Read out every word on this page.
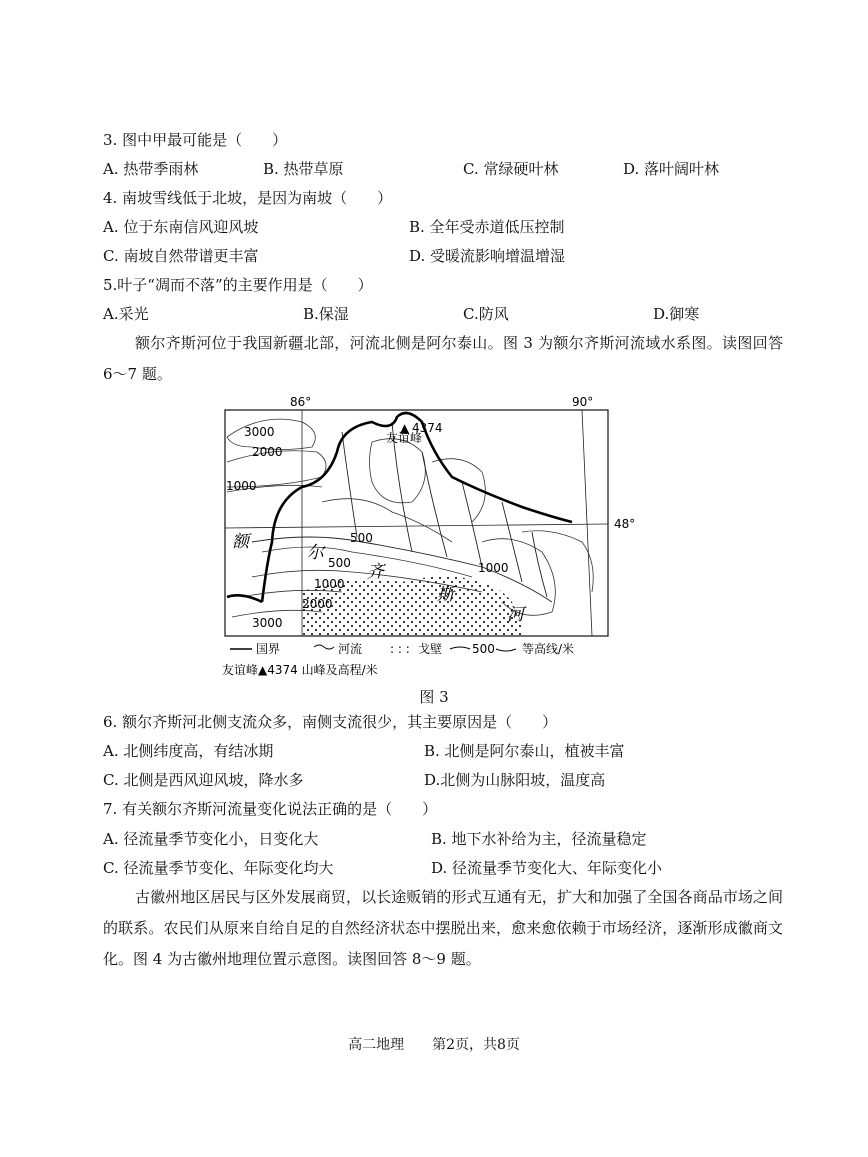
3. 图中甲最可能是（　　）
A. 热带季雨林	B. 热带草原	C. 常绿硬叶林	D. 落叶阔叶林
4. 南坡雪线低于北坡，是因为南坡（　　）
A. 位于东南信风迎风坡	B. 全年受赤道低压控制
C. 南坡自然带谱更丰富	D. 受暖流影响增温增湿
5.叶子“凋而不落”的主要作用是（　　）
A.采光	B.保湿	C.防风	D.御寒
额尔齐斯河位于我国新疆北部，河流北侧是阿尔泰山。图 3 为额尔齐斯河流域水系图。读图回答 6～7 题。
86°	90°
48°
友谊峰
▲ 4374
3000
2000
1000
500
500
1000
2000
3000
1000
额
尔
齐
斯
河
国界	河流 : : : 戈壁 500 等高线/米
友谊峰▲4374 山峰及高程/米
图 3
6. 额尔齐斯河北侧支流众多，南侧支流很少，其主要原因是（　　）
A. 北侧纬度高，有结冰期	B. 北侧是阿尔泰山，植被丰富
C. 北侧是西风迎风坡，降水多	D.北侧为山脉阳坡，温度高
7. 有关额尔齐斯河流量变化说法正确的是（　　）
A. 径流量季节变化小，日变化大	B. 地下水补给为主，径流量稳定
C. 径流量季节变化、年际变化均大	D. 径流量季节变化大、年际变化小
古徽州地区居民与区外发展商贸，以长途贩销的形式互通有无，扩大和加强了全国各商品市场之间的联系。农民们从原来自给自足的自然经济状态中摆脱出来，愈来愈依赖于市场经济，逐渐形成徽商文化。图 4 为古徽州地理位置示意图。读图回答 8～9 题。
高二地理　　第2页，共8页
